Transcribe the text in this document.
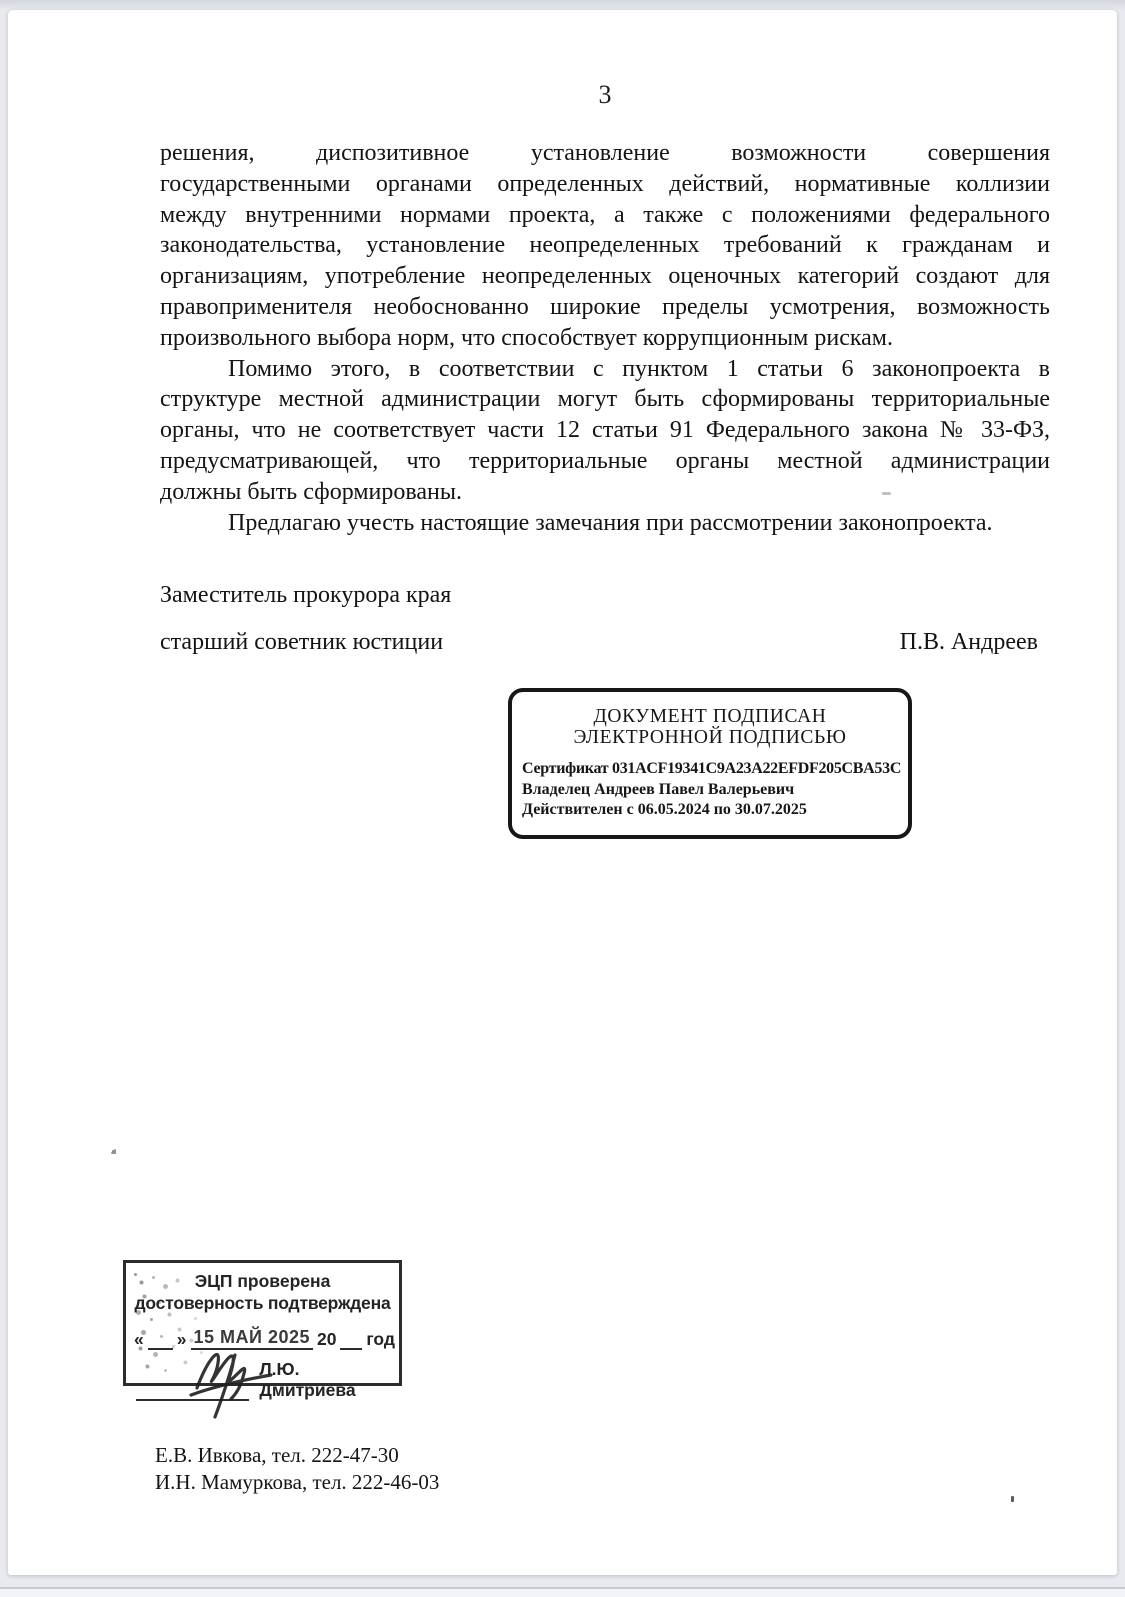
3
решения, диспозитивное установление возможности совершения
государственными органами определенных действий, нормативные коллизии
между внутренними нормами проекта, а также с положениями федерального
законодательства, установление неопределенных требований к гражданам и
организациям, употребление неопределенных оценочных категорий создают для
правоприменителя необоснованно широкие пределы усмотрения, возможность
произвольного выбора норм, что способствует коррупционным рискам.
Помимо этого, в соответствии с пунктом 1 статьи 6 законопроекта в
структуре местной администрации могут быть сформированы территориальные
органы, что не соответствует части 12 статьи 91 Федерального закона № 33-ФЗ,
предусматривающей, что территориальные органы местной администрации
должны быть сформированы.
Предлагаю учесть настоящие замечания при рассмотрении законопроекта.
Заместитель прокурора края
старший советник юстиции	П.В. Андреев
ДОКУМЕНТ ПОДПИСАН
ЭЛЕКТРОННОЙ ПОДПИСЬЮ
Сертификат 031ACF19341C9A23A22EFDF205CBA53C
Владелец Андреев Павел Валерьевич
Действителен с 06.05.2024 по 30.07.2025
ЭЦП проверена
достоверность подтверждена
« » 15 МАЙ 2025 20 год
Л.Ю. Дмитриева
Е.В. Ивкова, тел. 222-47-30
И.Н. Мамуркова, тел. 222-46-03
